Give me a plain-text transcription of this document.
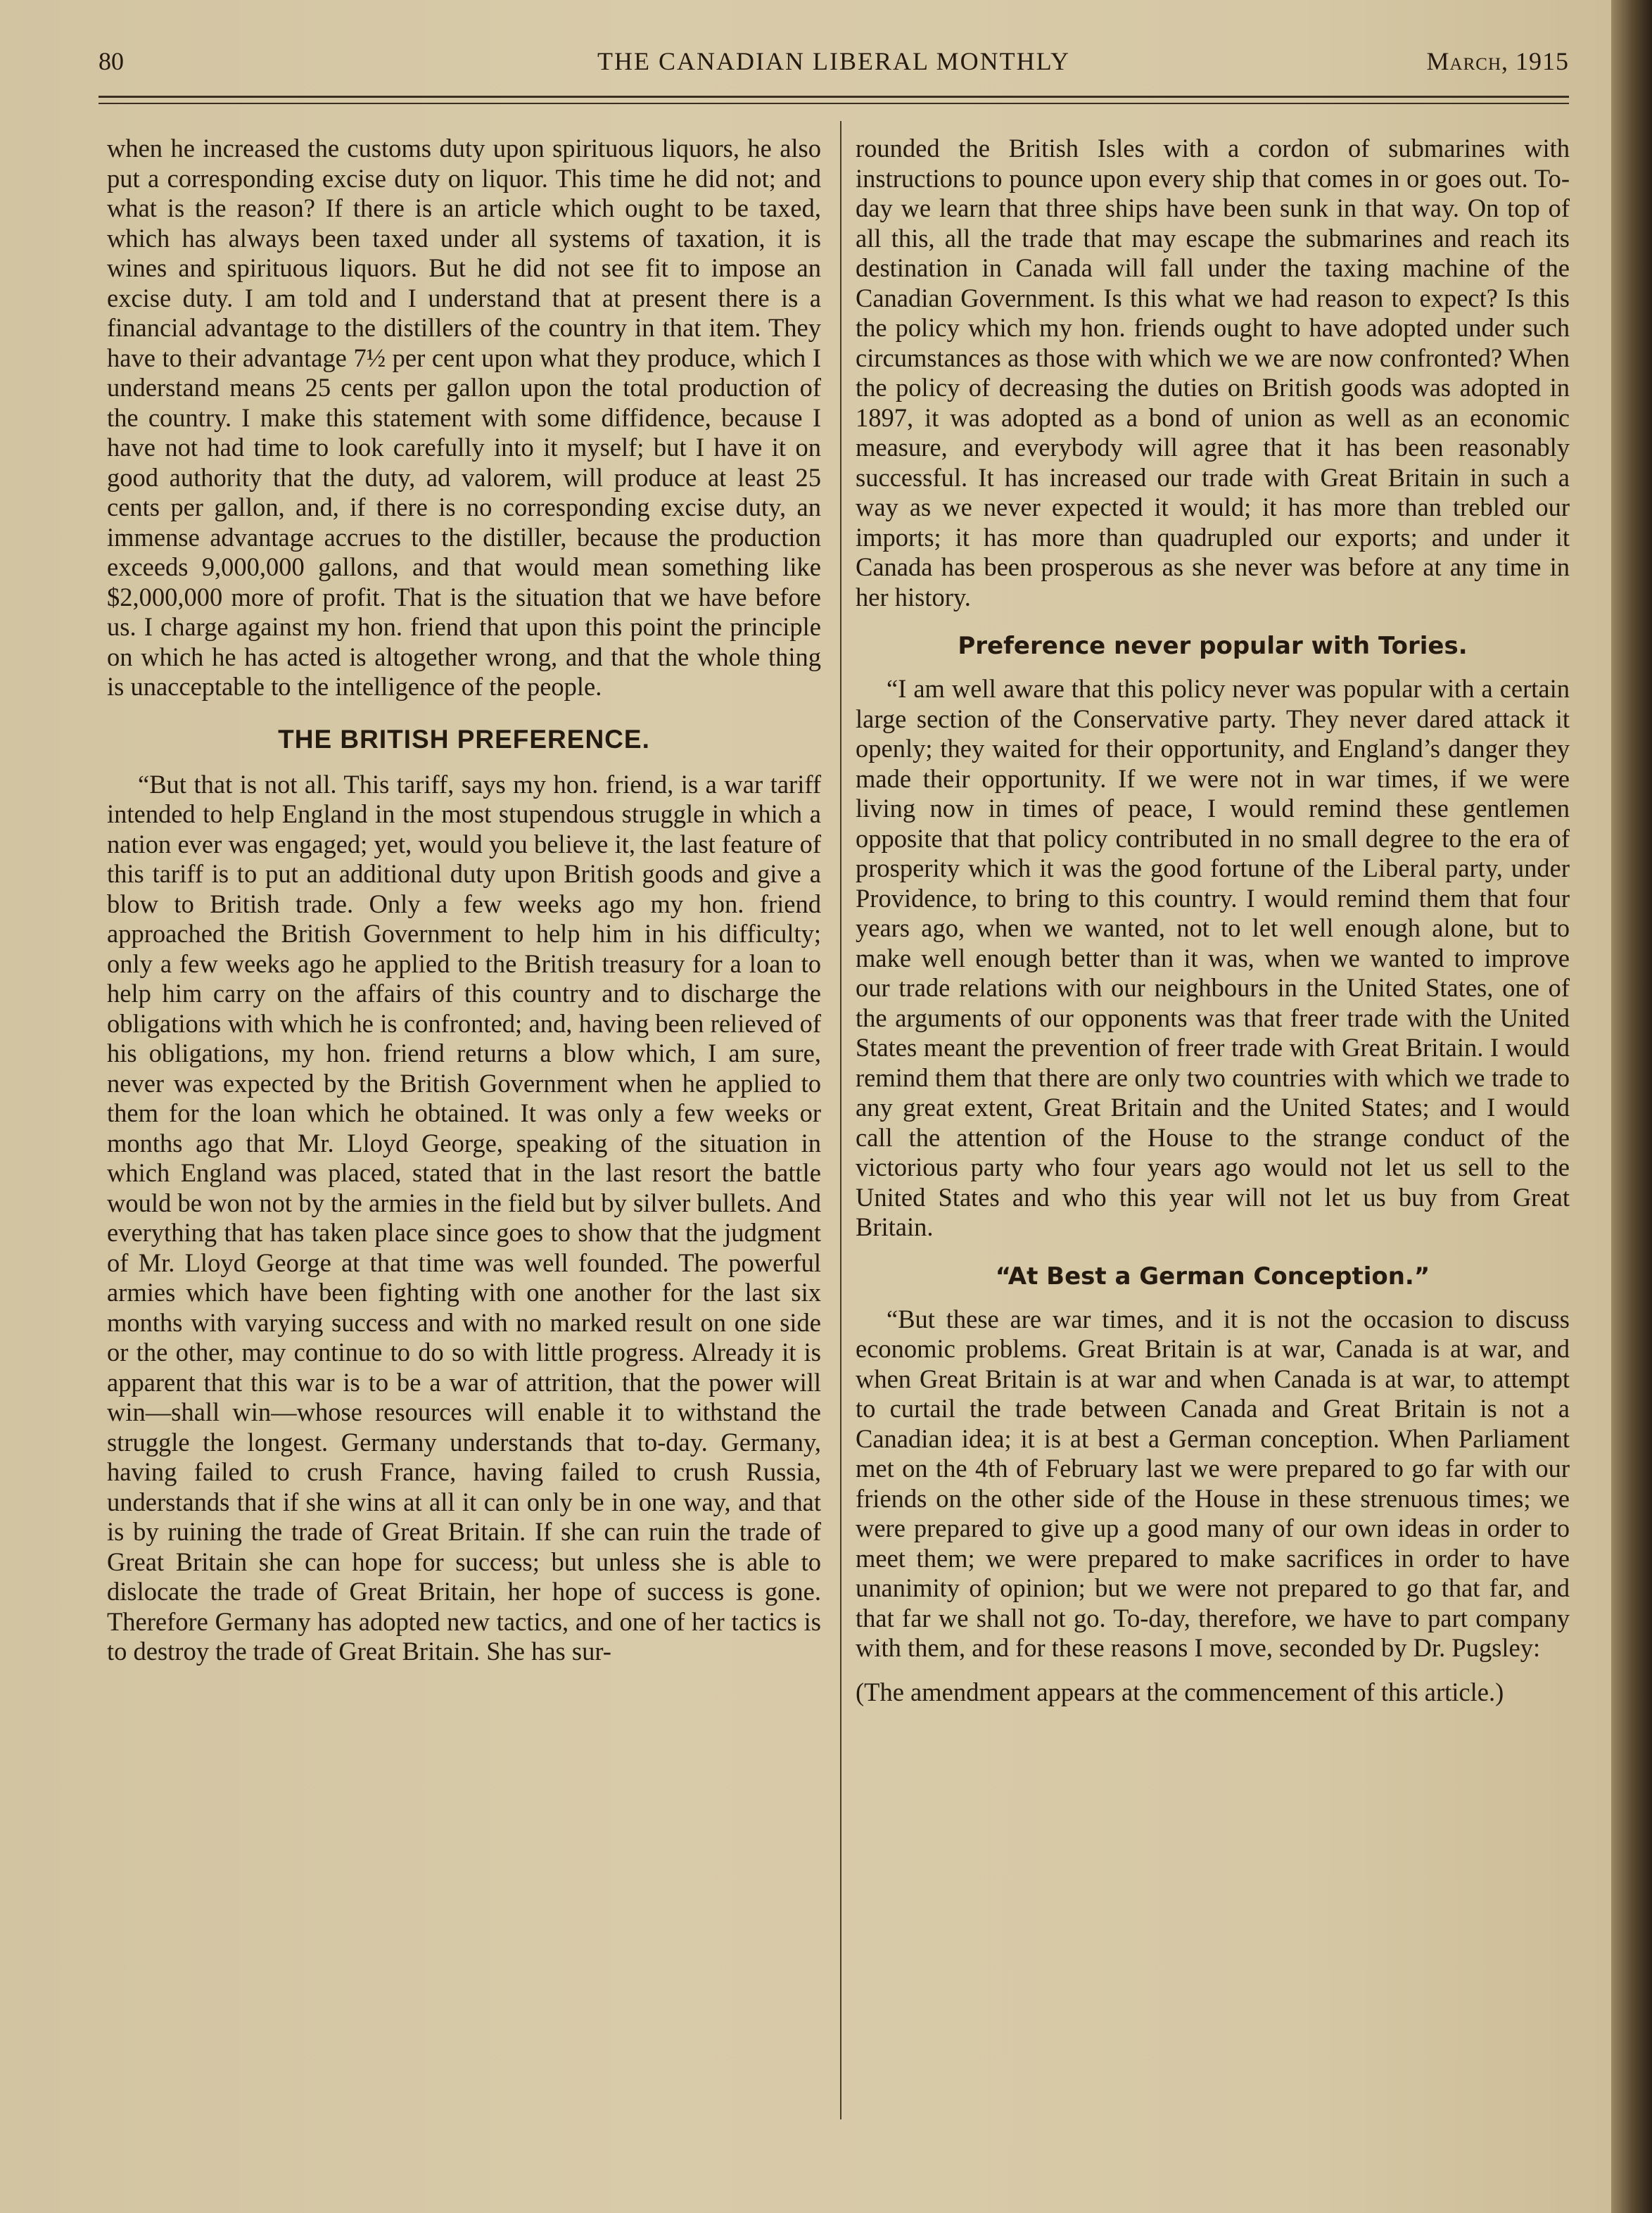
80	THE CANADIAN LIBERAL MONTHLY	March, 1915

when he increased the customs duty upon spirituous liquors, he also put a corresponding excise duty on liquor. This time he did not; and what is the reason? If there is an article which ought to be taxed, which has always been taxed under all systems of taxation, it is wines and spirituous liquors. But he did not see fit to impose an excise duty. I am told and I understand that at present there is a financial advantage to the distillers of the country in that item. They have to their advantage 7½ per cent upon what they produce, which I understand means 25 cents per gallon upon the total production of the country. I make this statement with some diffidence, because I have not had time to look carefully into it myself; but I have it on good authority that the duty, ad valorem, will produce at least 25 cents per gallon, and, if there is no corresponding excise duty, an immense advantage accrues to the distiller, because the production exceeds 9,000,000 gallons, and that would mean something like $2,000,000 more of profit. That is the situation that we have before us. I charge against my hon. friend that upon this point the principle on which he has acted is altogether wrong, and that the whole thing is unacceptable to the intelligence of the people.

THE BRITISH PREFERENCE.

“But that is not all. This tariff, says my hon. friend, is a war tariff intended to help England in the most stupendous struggle in which a nation ever was engaged; yet, would you believe it, the last feature of this tariff is to put an additional duty upon British goods and give a blow to British trade. Only a few weeks ago my hon. friend approached the British Government to help him in his difficulty; only a few weeks ago he applied to the British treasury for a loan to help him carry on the affairs of this country and to discharge the obligations with which he is confronted; and, having been relieved of his obligations, my hon. friend returns a blow which, I am sure, never was expected by the British Government when he applied to them for the loan which he obtained. It was only a few weeks or months ago that Mr. Lloyd George, speaking of the situation in which England was placed, stated that in the last resort the battle would be won not by the armies in the field but by silver bullets. And everything that has taken place since goes to show that the judgment of Mr. Lloyd George at that time was well founded. The powerful armies which have been fighting with one another for the last six months with varying success and with no marked result on one side or the other, may continue to do so with little progress. Already it is apparent that this war is to be a war of attrition, that the power will win—shall win—whose resources will enable it to withstand the struggle the longest. Germany understands that to-day. Germany, having failed to crush France, having failed to crush Russia, understands that if she wins at all it can only be in one way, and that is by ruining the trade of Great Britain. If she can ruin the trade of Great Britain she can hope for success; but unless she is able to dislocate the trade of Great Britain, her hope of success is gone. Therefore Germany has adopted new tactics, and one of her tactics is to destroy the trade of Great Britain. She has sur-

rounded the British Isles with a cordon of submarines with instructions to pounce upon every ship that comes in or goes out. To-day we learn that three ships have been sunk in that way. On top of all this, all the trade that may escape the submarines and reach its destination in Canada will fall under the taxing machine of the Canadian Government. Is this what we had reason to expect? Is this the policy which my hon. friends ought to have adopted under such circumstances as those with which we we are now confronted? When the policy of decreasing the duties on British goods was adopted in 1897, it was adopted as a bond of union as well as an economic measure, and everybody will agree that it has been reasonably successful. It has increased our trade with Great Britain in such a way as we never expected it would; it has more than trebled our imports; it has more than quadrupled our exports; and under it Canada has been prosperous as she never was before at any time in her history.

Preference never popular with Tories.

“I am well aware that this policy never was popular with a certain large section of the Conservative party. They never dared attack it openly; they waited for their opportunity, and England’s danger they made their opportunity. If we were not in war times, if we were living now in times of peace, I would remind these gentlemen opposite that that policy contributed in no small degree to the era of prosperity which it was the good fortune of the Liberal party, under Providence, to bring to this country. I would remind them that four years ago, when we wanted, not to let well enough alone, but to make well enough better than it was, when we wanted to improve our trade relations with our neighbours in the United States, one of the arguments of our opponents was that freer trade with the United States meant the prevention of freer trade with Great Britain. I would remind them that there are only two countries with which we trade to any great extent, Great Britain and the United States; and I would call the attention of the House to the strange conduct of the victorious party who four years ago would not let us sell to the United States and who this year will not let us buy from Great Britain.

“At Best a German Conception.”

“But these are war times, and it is not the occasion to discuss economic problems. Great Britain is at war, Canada is at war, and when Great Britain is at war and when Canada is at war, to attempt to curtail the trade between Canada and Great Britain is not a Canadian idea; it is at best a German conception. When Parliament met on the 4th of February last we were prepared to go far with our friends on the other side of the House in these strenuous times; we were prepared to give up a good many of our own ideas in order to meet them; we were prepared to make sacrifices in order to have unanimity of opinion; but we were not prepared to go that far, and that far we shall not go. To-day, therefore, we have to part company with them, and for these reasons I move, seconded by Dr. Pugsley:

(The amendment appears at the commencement of this article.)
